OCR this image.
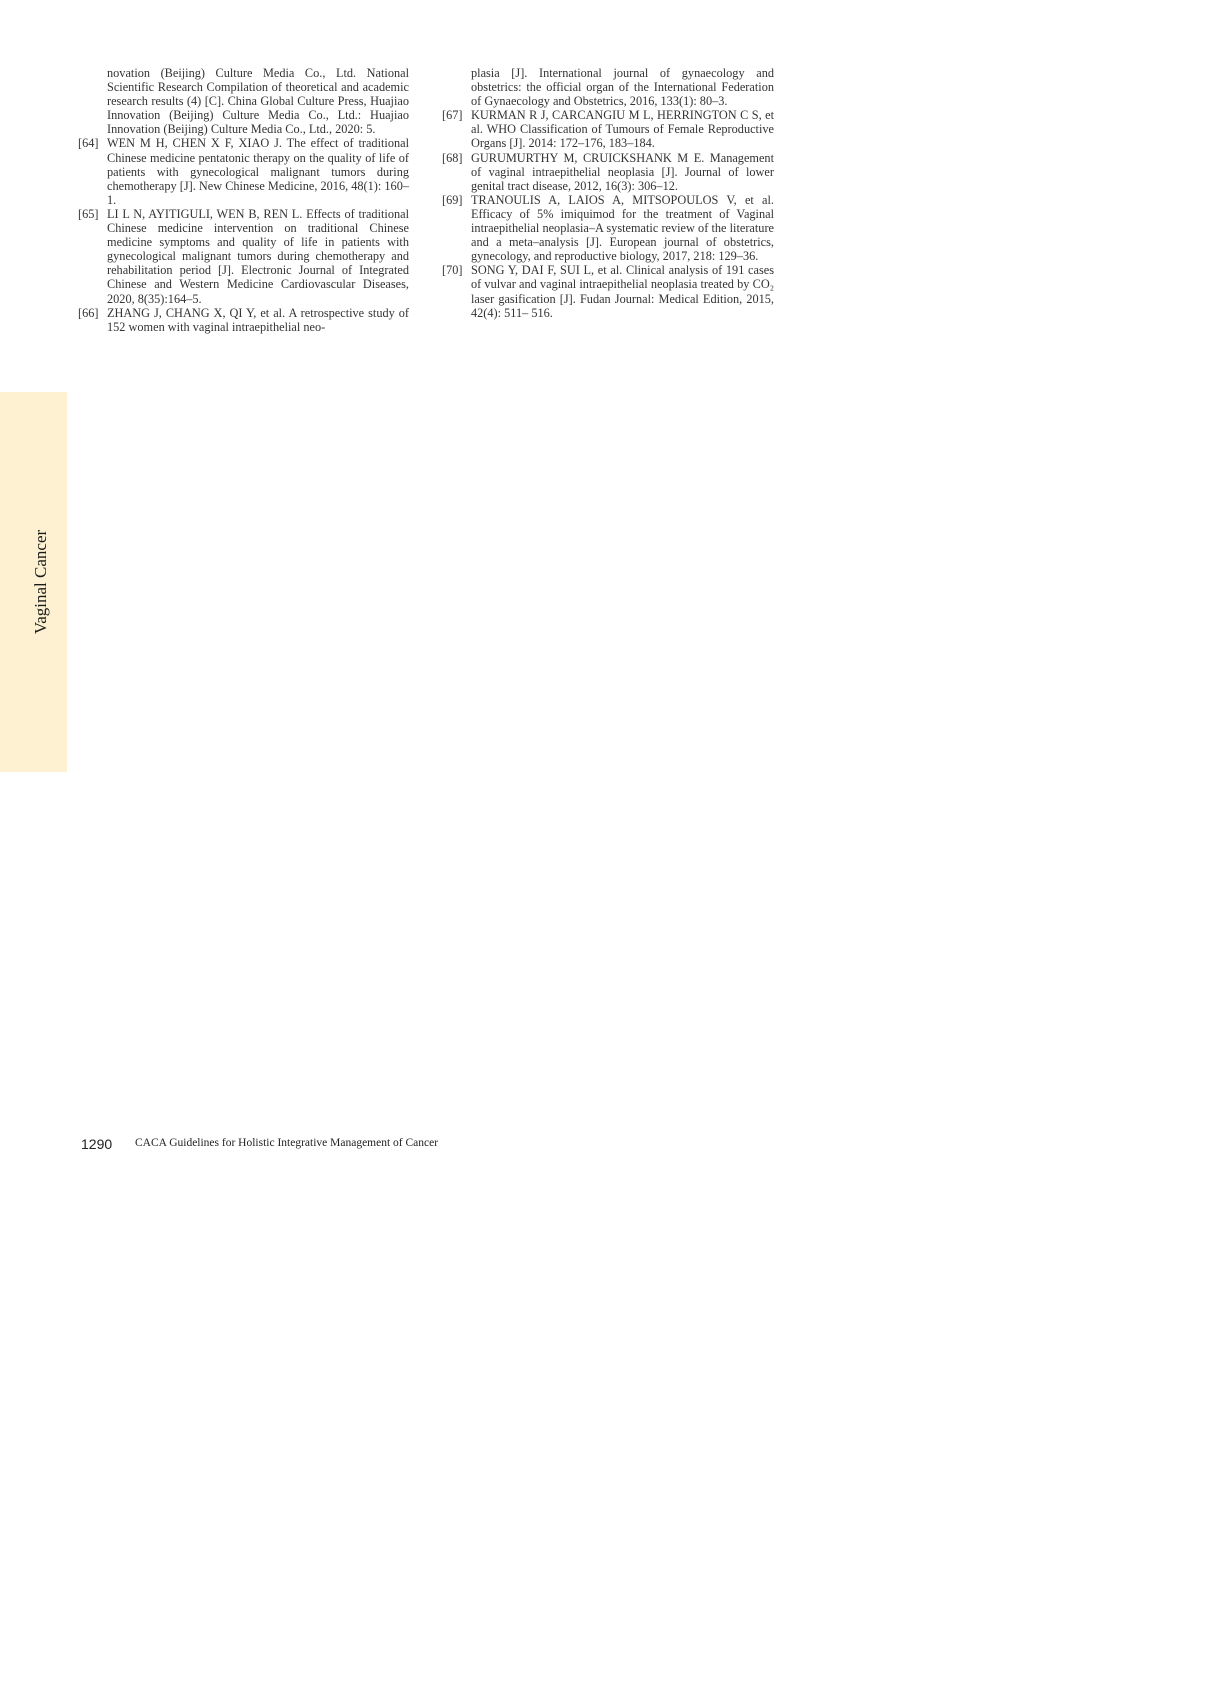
novation (Beijing) Culture Media Co., Ltd. National Scientific Research Compilation of theoretical and academic research results (4) [C]. China Global Culture Press, Huajiao Innovation (Beijing) Culture Media Co., Ltd.: Huajiao Innovation (Beijing) Culture Media Co., Ltd., 2020: 5.

[64] WEN M H, CHEN X F, XIAO J. The effect of traditional Chinese medicine pentatonic therapy on the quality of life of patients with gynecological malignant tumors during chemotherapy [J]. New Chinese Medicine, 2016, 48(1): 160–1.

[65] LI L N, AYITIGULI, WEN B, REN L. Effects of traditional Chinese medicine intervention on traditional Chinese medicine symptoms and quality of life in patients with gynecological malignant tumors during chemotherapy and rehabilitation period [J]. Electronic Journal of Integrated Chinese and Western Medicine Cardiovascular Diseases, 2020, 8(35):164–5.

[66] ZHANG J, CHANG X, QI Y, et al. A retrospective study of 152 women with vaginal intraepithelial neo-

plasia [J]. International journal of gynaecology and obstetrics: the official organ of the International Federation of Gynaecology and Obstetrics, 2016, 133(1): 80–3.

[67] KURMAN R J, CARCANGIU M L, HERRINGTON C S, et al. WHO Classification of Tumours of Female Reproductive Organs [J]. 2014: 172–176, 183–184.

[68] GURUMURTHY M, CRUICKSHANK M E. Management of vaginal intraepithelial neoplasia [J]. Journal of lower genital tract disease, 2012, 16(3): 306–12.

[69] TRANOULIS A, LAIOS A, MITSOPOULOS V, et al. Efficacy of 5% imiquimod for the treatment of Vaginal intraepithelial neoplasia–A systematic review of the literature and a meta–analysis [J]. European journal of obstetrics, gynecology, and reproductive biology, 2017, 218: 129–36.

[70] SONG Y, DAI F, SUI L, et al. Clinical analysis of 191 cases of vulvar and vaginal intraepithelial neoplasia treated by CO₂ laser gasification [J]. Fudan Journal: Medical Edition, 2015, 42(4): 511– 516.

Vaginal Cancer
1290 CACA Guidelines for Holistic Integrative Management of Cancer
